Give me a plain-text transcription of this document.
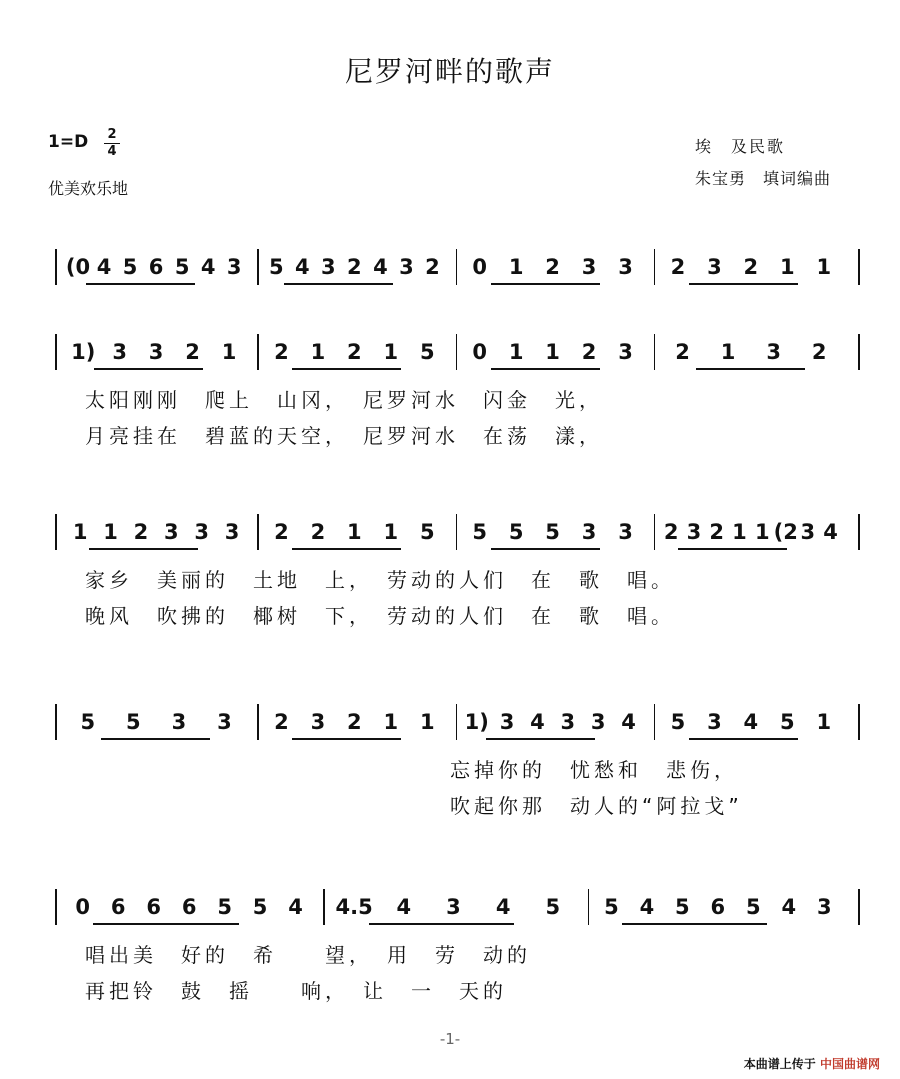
尼罗河畔的歌声
1=D	2
4
优美欢乐地
埃　及民歌
朱宝勇　填词编曲
(0 4 5 6 5 4 3 5 4 3 2 4 3 2	0	1	2	3	3	2	3	2	1	1
1) 3	3	2	1	2	1	2	1	5	0	1	1	2	3	2	1	3	2
太阳刚刚　爬上　山冈，　尼罗河水　闪金　光，
月亮挂在　碧蓝的天空，　尼罗河水　在荡　漾，
1 1 2 3 3 3	2	2	1	1	5	5	5	5	3	3	2 3 2 1 1 (2 3 4
家乡　美丽的　土地　上，　劳动的人们　在　歌　唱。
晚风　吹拂的　椰树　下，　劳动的人们　在　歌　唱。
5	5	3	3	2	3	2	1	1	1) 3 4 3 3 4	5	3	4	5	1
忘掉你的　忧愁和　悲伤，
吹起你那　动人的“阿拉戈”
0 6 6 6 5 5 4	4.5	4	3	4	5	5 4 5 6 5 4 3
唱出美　好的　希　　望，　用　劳　动的
再把铃　鼓　摇　　响，　让　一　天的
-1-
本曲谱上传于 中国曲谱网
